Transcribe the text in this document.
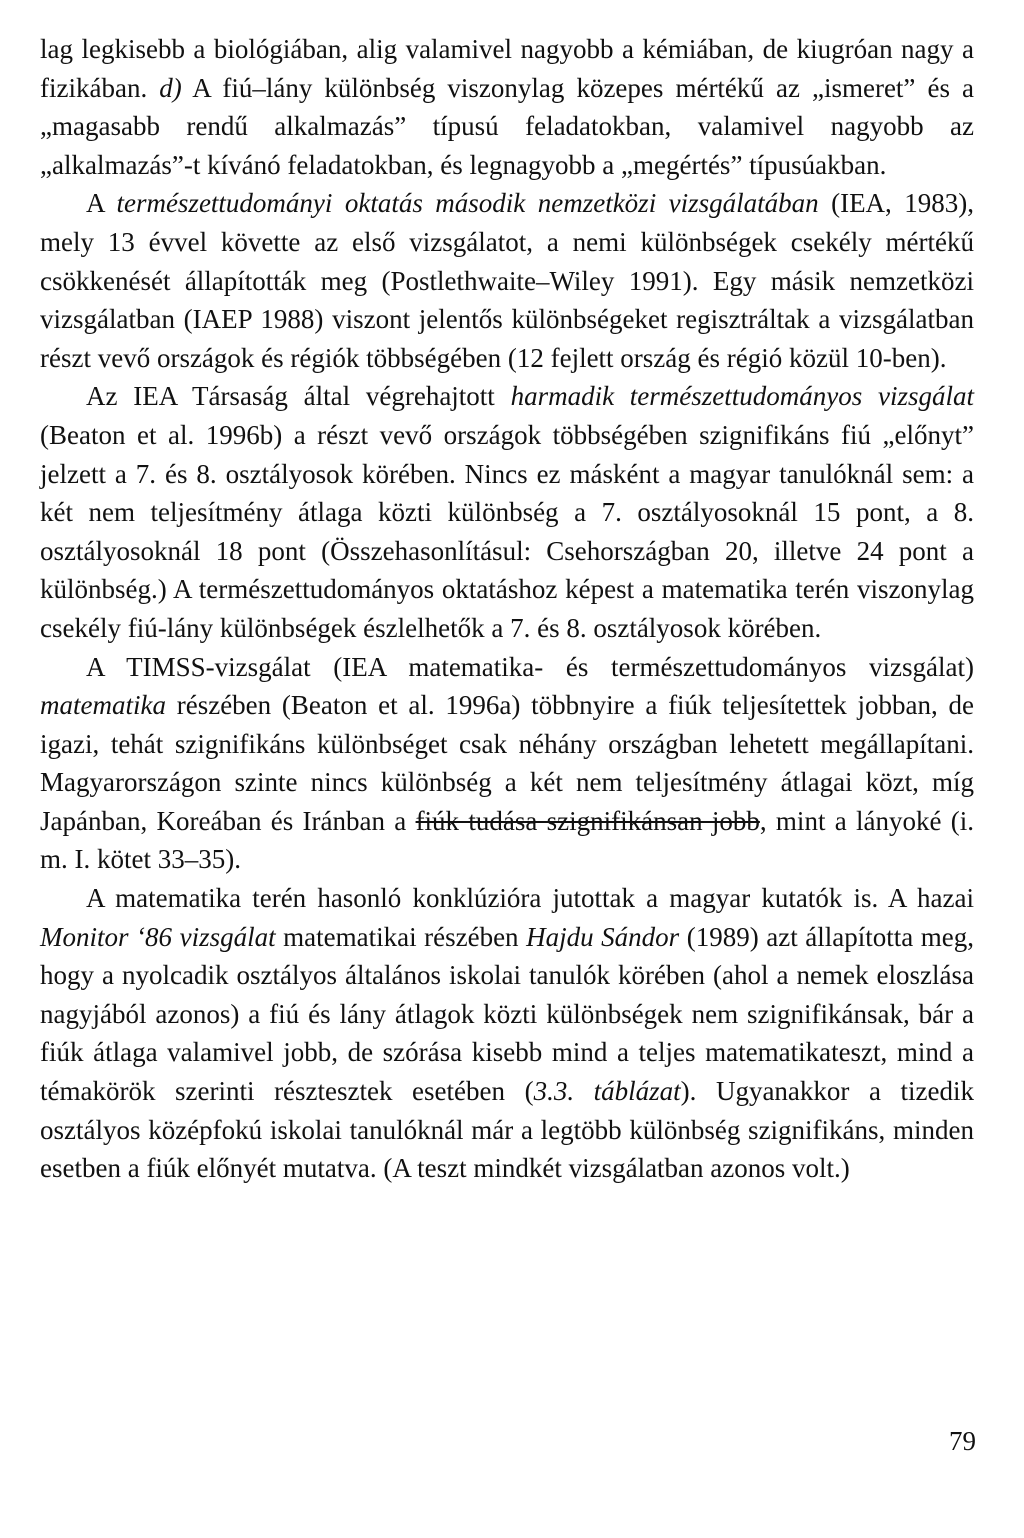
lag legkisebb a biológiában, alig valamivel nagyobb a kémiában, de kiugróan nagy a fizikában. d) A fiú–lány különbség viszonylag közepes mértékű az „ismeret” és a „magasabb rendű alkalmazás” típusú feladatokban, valamivel nagyobb az „alkalmazás”-t kívánó feladatokban, és legnagyobb a „megértés” típusúakban.

A természettudományi oktatás második nemzetközi vizsgálatában (IEA, 1983), mely 13 évvel követte az első vizsgálatot, a nemi különbségek csekély mértékű csökkenését állapították meg (Postlethwaite–Wiley 1991). Egy másik nemzetközi vizsgálatban (IAEP 1988) viszont jelentős különbségeket regisztráltak a vizsgálatban részt vevő országok és régiók többségében (12 fejlett ország és régió közül 10-ben).

Az IEA Társaság által végrehajtott harmadik természettudományos vizsgálat (Beaton et al. 1996b) a részt vevő országok többségében szignifikáns fiú „előnyt” jelzett a 7. és 8. osztályosok körében. Nincs ez másként a magyar tanulóknál sem: a két nem teljesítmény átlaga közti különbség a 7. osztályosoknál 15 pont, a 8. osztályosoknál 18 pont (Összehasonlításul: Csehországban 20, illetve 24 pont a különbség.) A természettudományos oktatáshoz képest a matematika terén viszonylag csekély fiú-lány különbségek észlelhetők a 7. és 8. osztályosok körében.

A TIMSS-vizsgálat (IEA matematika- és természettudományos vizsgálat) matematika részében (Beaton et al. 1996a) többnyire a fiúk teljesítettek jobban, de igazi, tehát szignifikáns különbséget csak néhány országban lehetett megállapítani. Magyarországon szinte nincs különbség a két nem teljesítmény átlagai közt, míg Japánban, Koreában és Iránban a fiúk tudása szignifikánsan jobb, mint a lányoké (i. m. I. kötet 33–35).

A matematika terén hasonló konklúzióra jutottak a magyar kutatók is. A hazai Monitor ‘86 vizsgálat matematikai részében Hajdu Sándor (1989) azt állapította meg, hogy a nyolcadik osztályos általános iskolai tanulók körében (ahol a nemek eloszlása nagyjából azonos) a fiú és lány átlagok közti különbségek nem szignifikánsak, bár a fiúk átlaga valamivel jobb, de szórása kisebb mind a teljes matematikateszt, mind a témakörök szerinti résztesztek esetében (3.3. táblázat). Ugyanakkor a tizedik osztályos középfokú iskolai tanulóknál már a legtöbb különbség szignifikáns, minden esetben a fiúk előnyét mutatva. (A teszt mindkét vizsgálatban azonos volt.)

79
